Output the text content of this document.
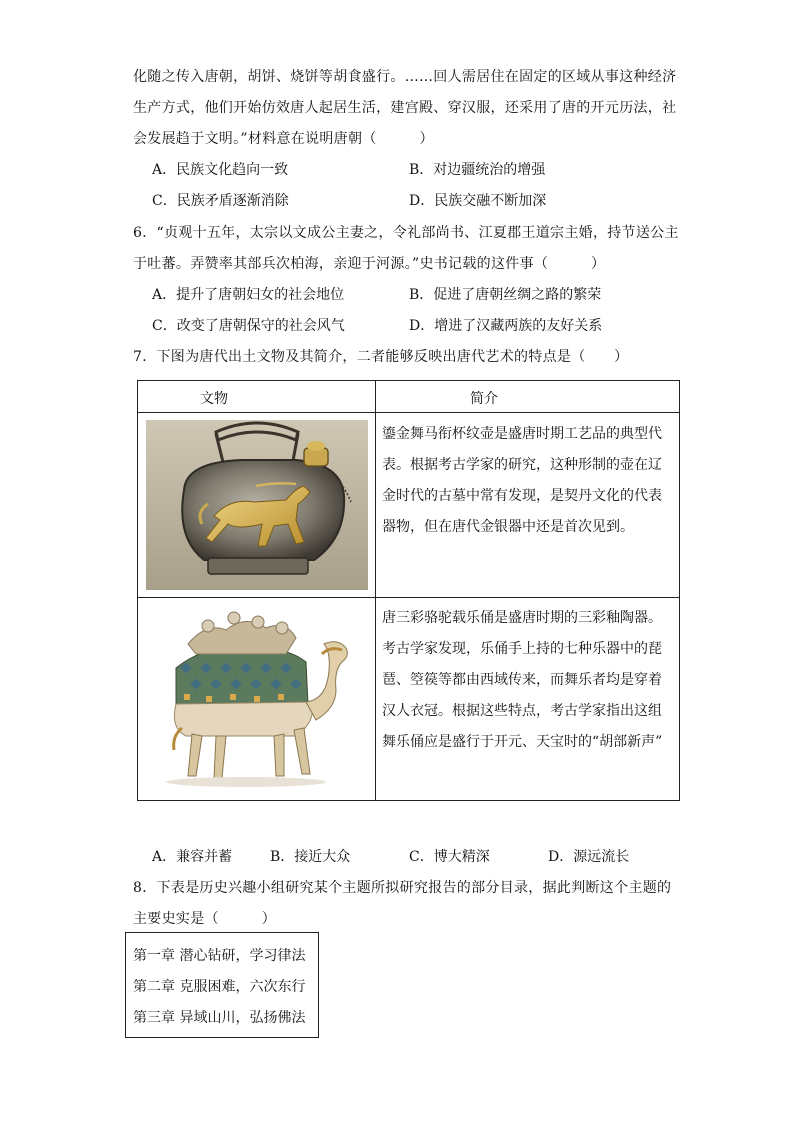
化随之传入唐朝，胡饼、烧饼等胡食盛行。……回人需居住在固定的区域从事这种经济
生产方式，他们开始仿效唐人起居生活，建宫殿、穿汉服，还采用了唐的开元历法，社
会发展趋于文明。”材料意在说明唐朝（　　　）
A．民族文化趋向一致	B．对边疆统治的增强
C．民族矛盾逐渐消除	D．民族交融不断加深
6．“贞观十五年，太宗以文成公主妻之，令礼部尚书、江夏郡王道宗主婚，持节送公主
于吐蕃。弄赞率其部兵次柏海，亲迎于河源。”史书记载的这件事（　　　）
A．提升了唐朝妇女的社会地位	B．促进了唐朝丝绸之路的繁荣
C．改变了唐朝保守的社会风气	D．增进了汉藏两族的友好关系
7．下图为唐代出土文物及其简介，二者能够反映出唐代艺术的特点是（　　）
文物	简介
鎏金舞马衔杯纹壶是盛唐时期工艺品的典型代表。根据考古学家的研究，这种形制的壶在辽金时代的古墓中常有发现，是契丹文化的代表器物，但在唐代金银器中还是首次见到。
唐三彩骆驼载乐俑是盛唐时期的三彩釉陶器。考古学家发现，乐俑手上持的七种乐器中的琵琶、箜篌等都由西域传来，而舞乐者均是穿着汉人衣冠。根据这些特点，考古学家指出这组舞乐俑应是盛行于开元、天宝时的“胡部新声”
A．兼容并蓄	B．接近大众	C．博大精深	D．源远流长
8．下表是历史兴趣小组研究某个主题所拟研究报告的部分目录，据此判断这个主题的
主要史实是（　　　）
第一章 潜心钻研，学习律法
第二章 克服困难，六次东行
第三章 异域山川，弘扬佛法
